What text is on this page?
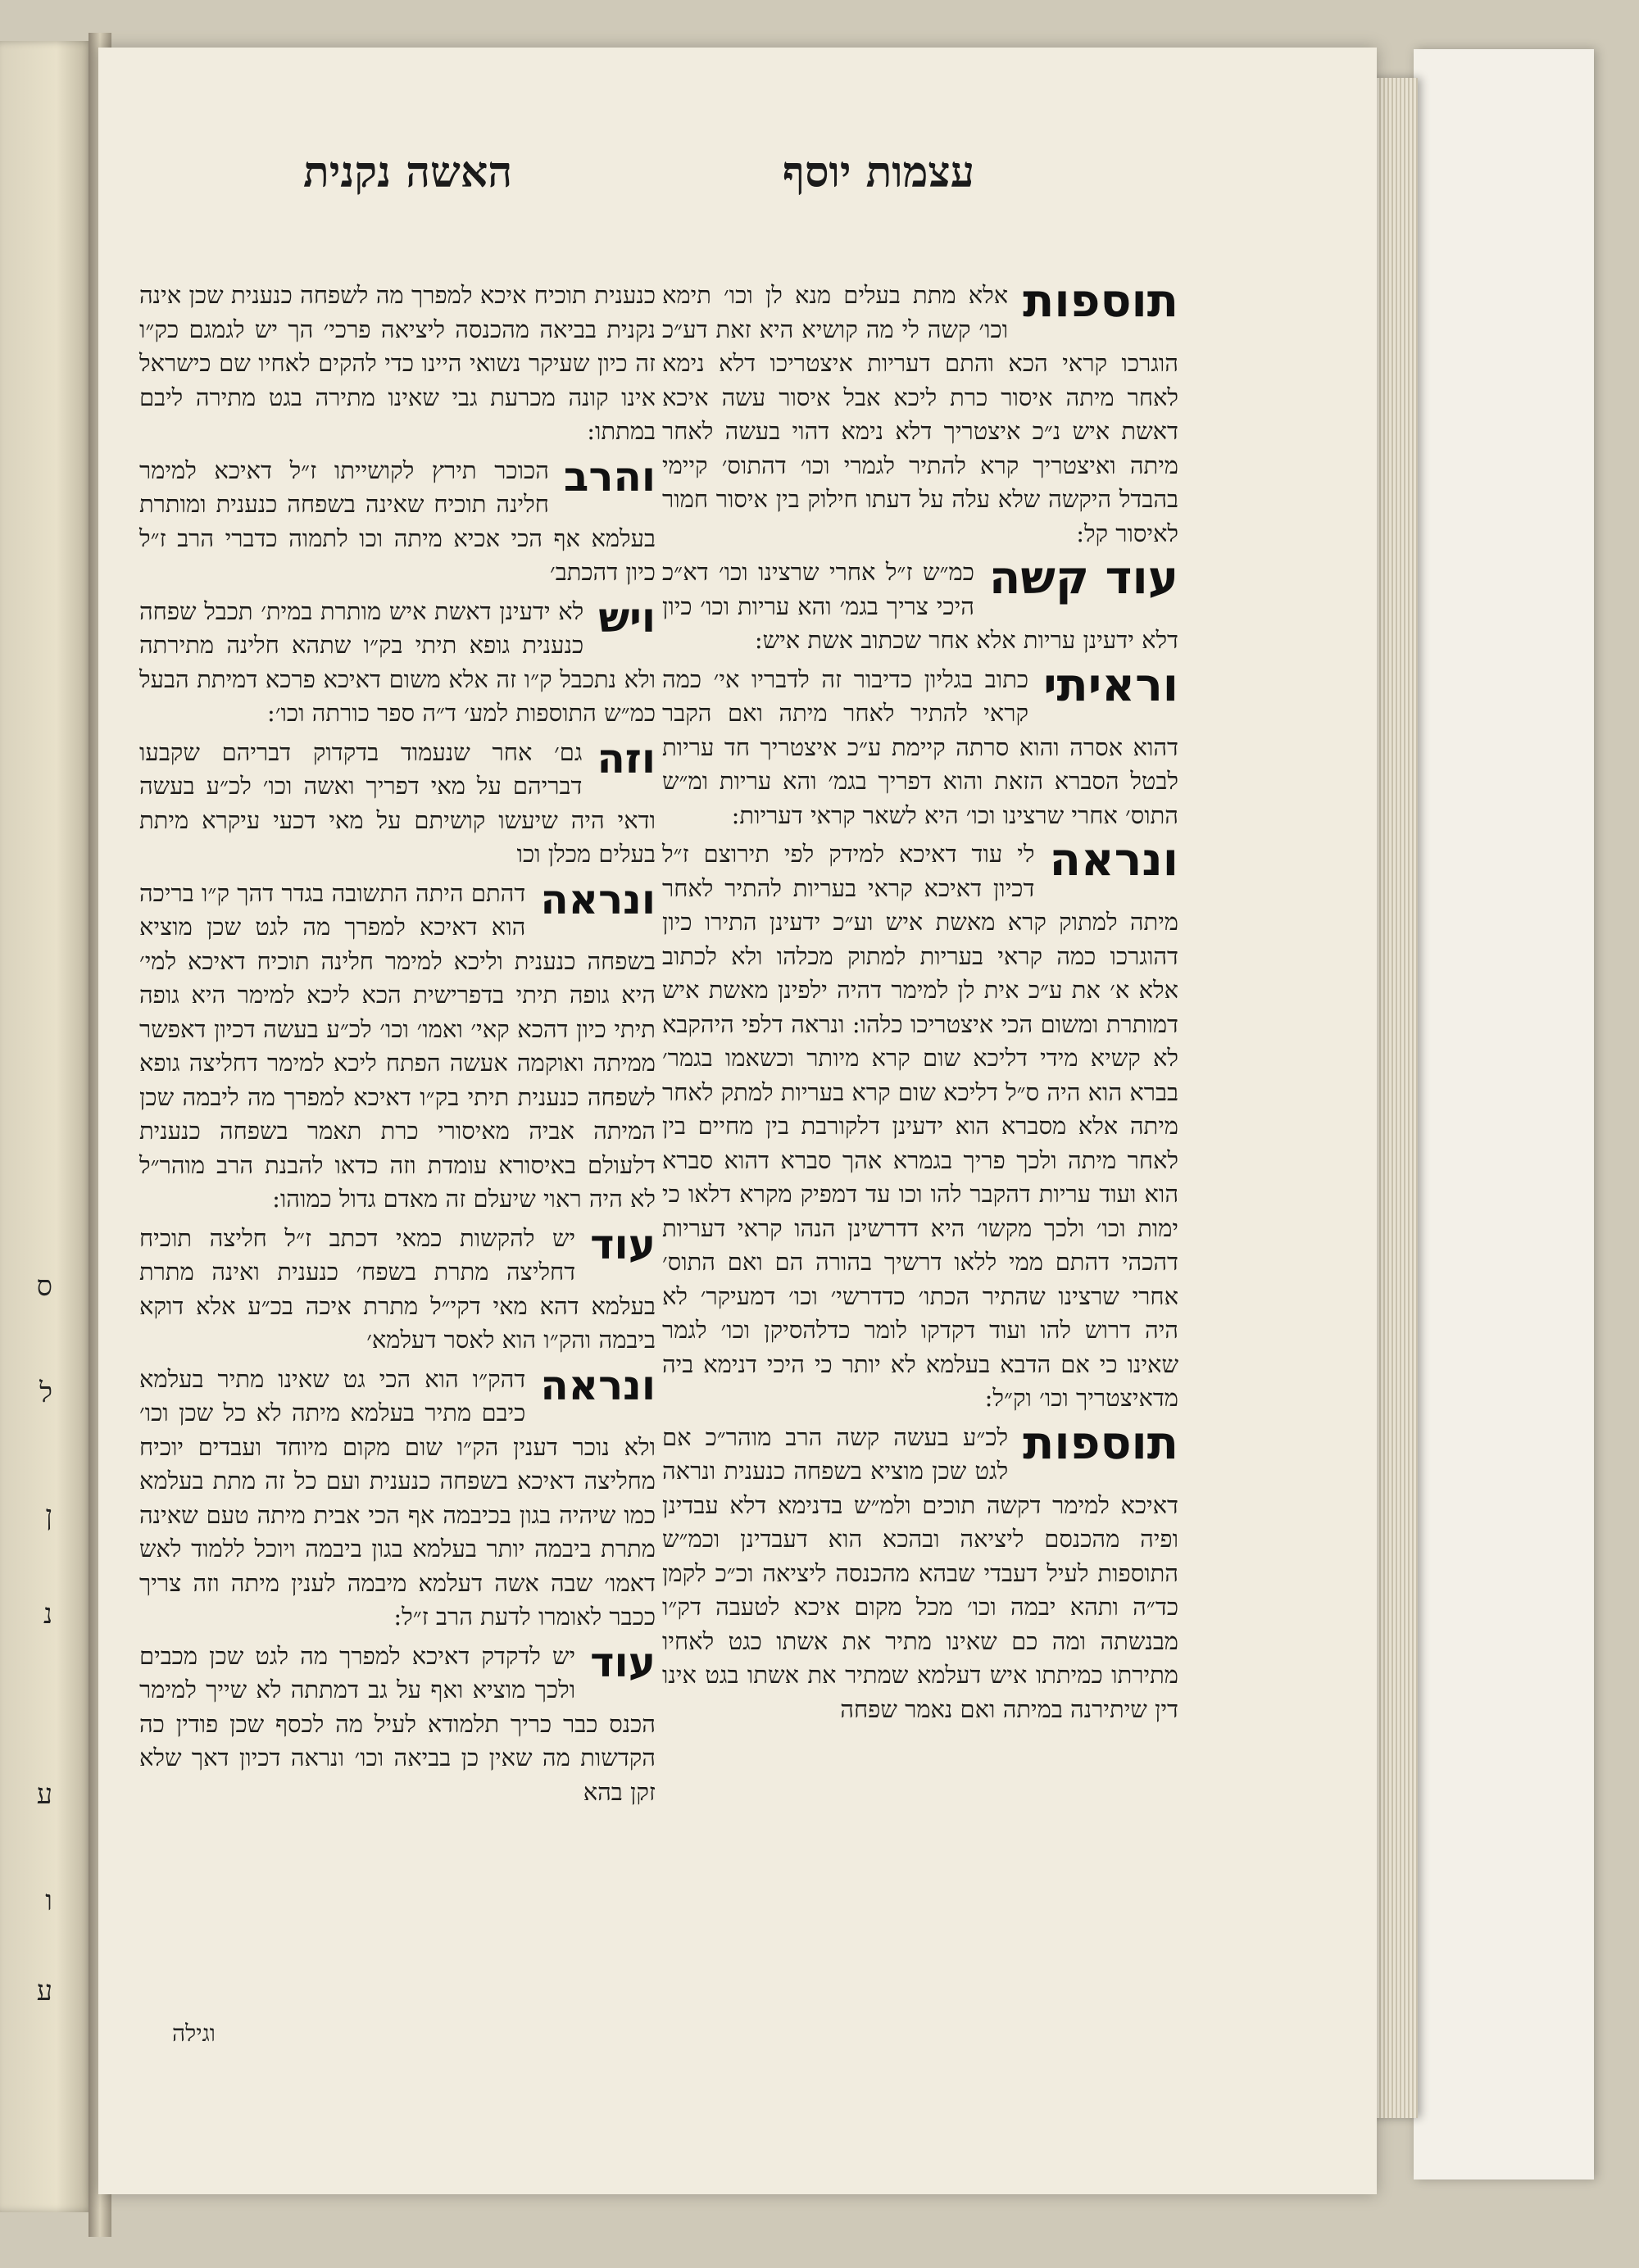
ס
ל
ן
נ
ע
ו
ע
האשה נקנית	עצמות יוסף

תוספות
אלא מתת בעלים מנא לן וכו׳ תימא וכו׳ קשה לי מה קושיא היא זאת דע״כ הוגרכו קראי הכא והתם דעריות איצטריכו דלא נימא לאחר מיתה איסור כרת ליכא אבל איסור עשה איכא דאשת איש נ״כ איצטריך דלא נימא דהוי בעשה לאחר מיתה ואיצטריך קרא להתיר לגמרי וכו׳ דהתוס׳ קיימי בהבדל היקשה שלא עלה על דעתו חילוק בין איסור חמור לאיסור קל:

עוד קשה
כמ״ש ז״ל אחרי שרצינו וכו׳ דא״כ היכי צריך בגמ׳ והא עריות וכו׳ כיון דלא ידעינן עריות אלא אחר שכתוב אשת איש:

וראיתי
כתוב בגליון כדיבור זה לדבריו אי׳ כמה קראי להתיר לאחר מיתה ואם הקבר דהוא אסרה והוא סרתה קיימת ע״כ איצטריך חד עריות לבטל הסברא הזאת והוא דפריך בגמ׳ והא עריות ומ״ש התוס׳ אחרי שרצינו וכו׳ היא לשאר קראי דעריות:

ונראה
לי עוד דאיכא למידק לפי תירוצם ז״ל דכיון דאיכא קראי בעריות להתיר לאחר מיתה למתוק קרא מאשת איש וע״כ ידעינן התירו כיון דהוגרכו כמה קראי בעריות למתוק מכלהו ולא לכתוב אלא א׳ את ע״כ אית לן למימר דהיה ילפינן מאשת איש דמותרת ומשום הכי איצטריכו כלהו: ונראה דלפי היהקבא לא קשיא מידי דליכא שום קרא מיותר וכשאמו בגמר׳ בברא הוא היה ס״ל דליכא שום קרא בעריות למתק לאחר מיתה אלא מסברא הוא ידעינן דלקורבת בין מחיים בין לאחר מיתה ולכך פריך בגמרא אהך סברא דהוא סברא הוא ועוד עריות דהקבר להו וכו עד דמפיק מקרא דלאו כי ימות וכו׳ ולכך מקשו׳ היא דדרשינן הנהו קראי דעריות דהכהי דהתם ממי ללאו דרשיך בהורה הם ואם התוס׳ אחרי שרצינו שהתיר הכתו׳ כדדרשי׳ וכו׳ דמעיקר׳ לא היה דרוש להו ועוד דקדקו לומר כדלהסיקן וכו׳ לגמר שאינו כי אם הדבא בעלמא לא יותר כי היכי דנימא ביה מדאיצטריך וכו׳ וק״ל:

תוספות
לכ״ע בעשה קשה הרב מוהר״כ אם לגט שכן מוציא בשפחה כנענית ונראה דאיכא למימר דקשה תוכים ולמ״ש בדנימא דלא עבדינן ופיה מהכנסם ליציאה ובהכא הוא דעבדינן וכמ״ש התוספות לעיל דעבדי שבהא מהכנסה ליציאה וכ״כ לקמן כד״ה ותהא יבמה וכו׳ מכל מקום איכא לטעבה דק״ו מבנשתה ומה כם שאינו מתיר את אשתו כגט לאחיו מתירתו כמיתתו איש דעלמא שמתיר את אשתו בגט אינו דין שיתירנה במיתה ואם נאמר שפחה

כנענית תוכיח איכא למפרך מה לשפחה כנענית שכן אינה נקנית בביאה מהכנסה ליציאה פרכי׳ הך יש לגמגם כק״ו זה כיון שעיקר נשואי היינו כדי להקים לאחיו שם כישראל אינו קונה מכרעת גבי שאינו מתירה בגט מתירה ליבם במתתו:

והרב
הכוכר תירץ לקושייתו ז״ל דאיכא למימר חלינה תוכיח שאינה בשפחה כנענית ומותרת בעלמא אף הכי אכיא מיתה וכו לתמוה כדברי הרב ז״ל כיון דהכתב׳

ויש
לא ידעינן דאשת איש מותרת במית׳ תכבל שפחה כנענית גופא תיתי בק״ו שתהא חלינה מתירתה ולא נתכבל ק״ו זה אלא משום דאיכא פרכא דמיתת הבעל כמ״ש התוספות למע׳ ד״ה ספר כורתה וכו׳:

וזה
גם׳ אחר שנעמוד בדקדוק דבריהם שקבעו דבריהם על מאי דפריך ואשה וכו׳ לכ״ע בעשה ודאי היה שיעשו קושיתם על מאי דכעי עיקרא מיתת בעלים מכלן וכו

ונראה
דהתם היתה התשובה בגדר דהך ק״ו בריכה הוא דאיכא למפרך מה לגט שכן מוציא בשפחה כנענית וליכא למימר חלינה תוכיח דאיכא למי׳ היא גופה תיתי בדפרישית הכא ליכא למימר היא גופה תיתי כיון דהכא קאי׳ ואמו׳ וכו׳ לכ״ע בעשה דכיון דאפשר ממיתה ואוקמה אעשה הפתח ליכא למימר דחליצה גופא לשפחה כנענית תיתי בק״ו דאיכא למפרך מה ליבמה שכן המיתה אביה מאיסורי כרת תאמר בשפחה כנענית דלעולם באיסורא עומדת וזה כדאו להבנת הרב מוהר״ל לא היה ראוי שיעלם זה מאדם גדול כמוהו:

עוד
יש להקשות כמאי דכתב ז״ל חליצה תוכיח דחליצה מתרת בשפח׳ כנענית ואינה מתרת בעלמא דהא מאי דקי״ל מתרת איכה בכ״ע אלא דוקא ביבמה והק״ו הוא לאסר דעלמא׳

ונראה
דהק״ו הוא הכי גט שאינו מתיר בעלמא כיבם מתיר בעלמא מיתה לא כל שכן וכו׳ ולא נוכר דענין הק״ו שום מקום מיוחד ועבדים יוכיח מחליצה דאיכא בשפחה כנענית ועם כל זה מתת בעלמא כמו שיהיה בגון בכיבמה אף הכי אבית מיתה טעם שאינה מתרת ביבמה יותר בעלמא בגון ביבמה ויוכל ללמוד לאש דאמו׳ שבה אשה דעלמא מיבמה לענין מיתה וזה צריך ככבר לאומרו לדעת הרב ז״ל:

עוד
יש לדקדק דאיכא למפרך מה לגט שכן מכבים ולכך מוציא ואף על גב דמתתה לא שייך למימר הכנס כבר כריך תלמודא לעיל מה לכסף שכן פודין כה הקדשות מה שאין כן בביאה וכו׳ ונראה דכיון דאך שלא זקן בהא

וגילה
